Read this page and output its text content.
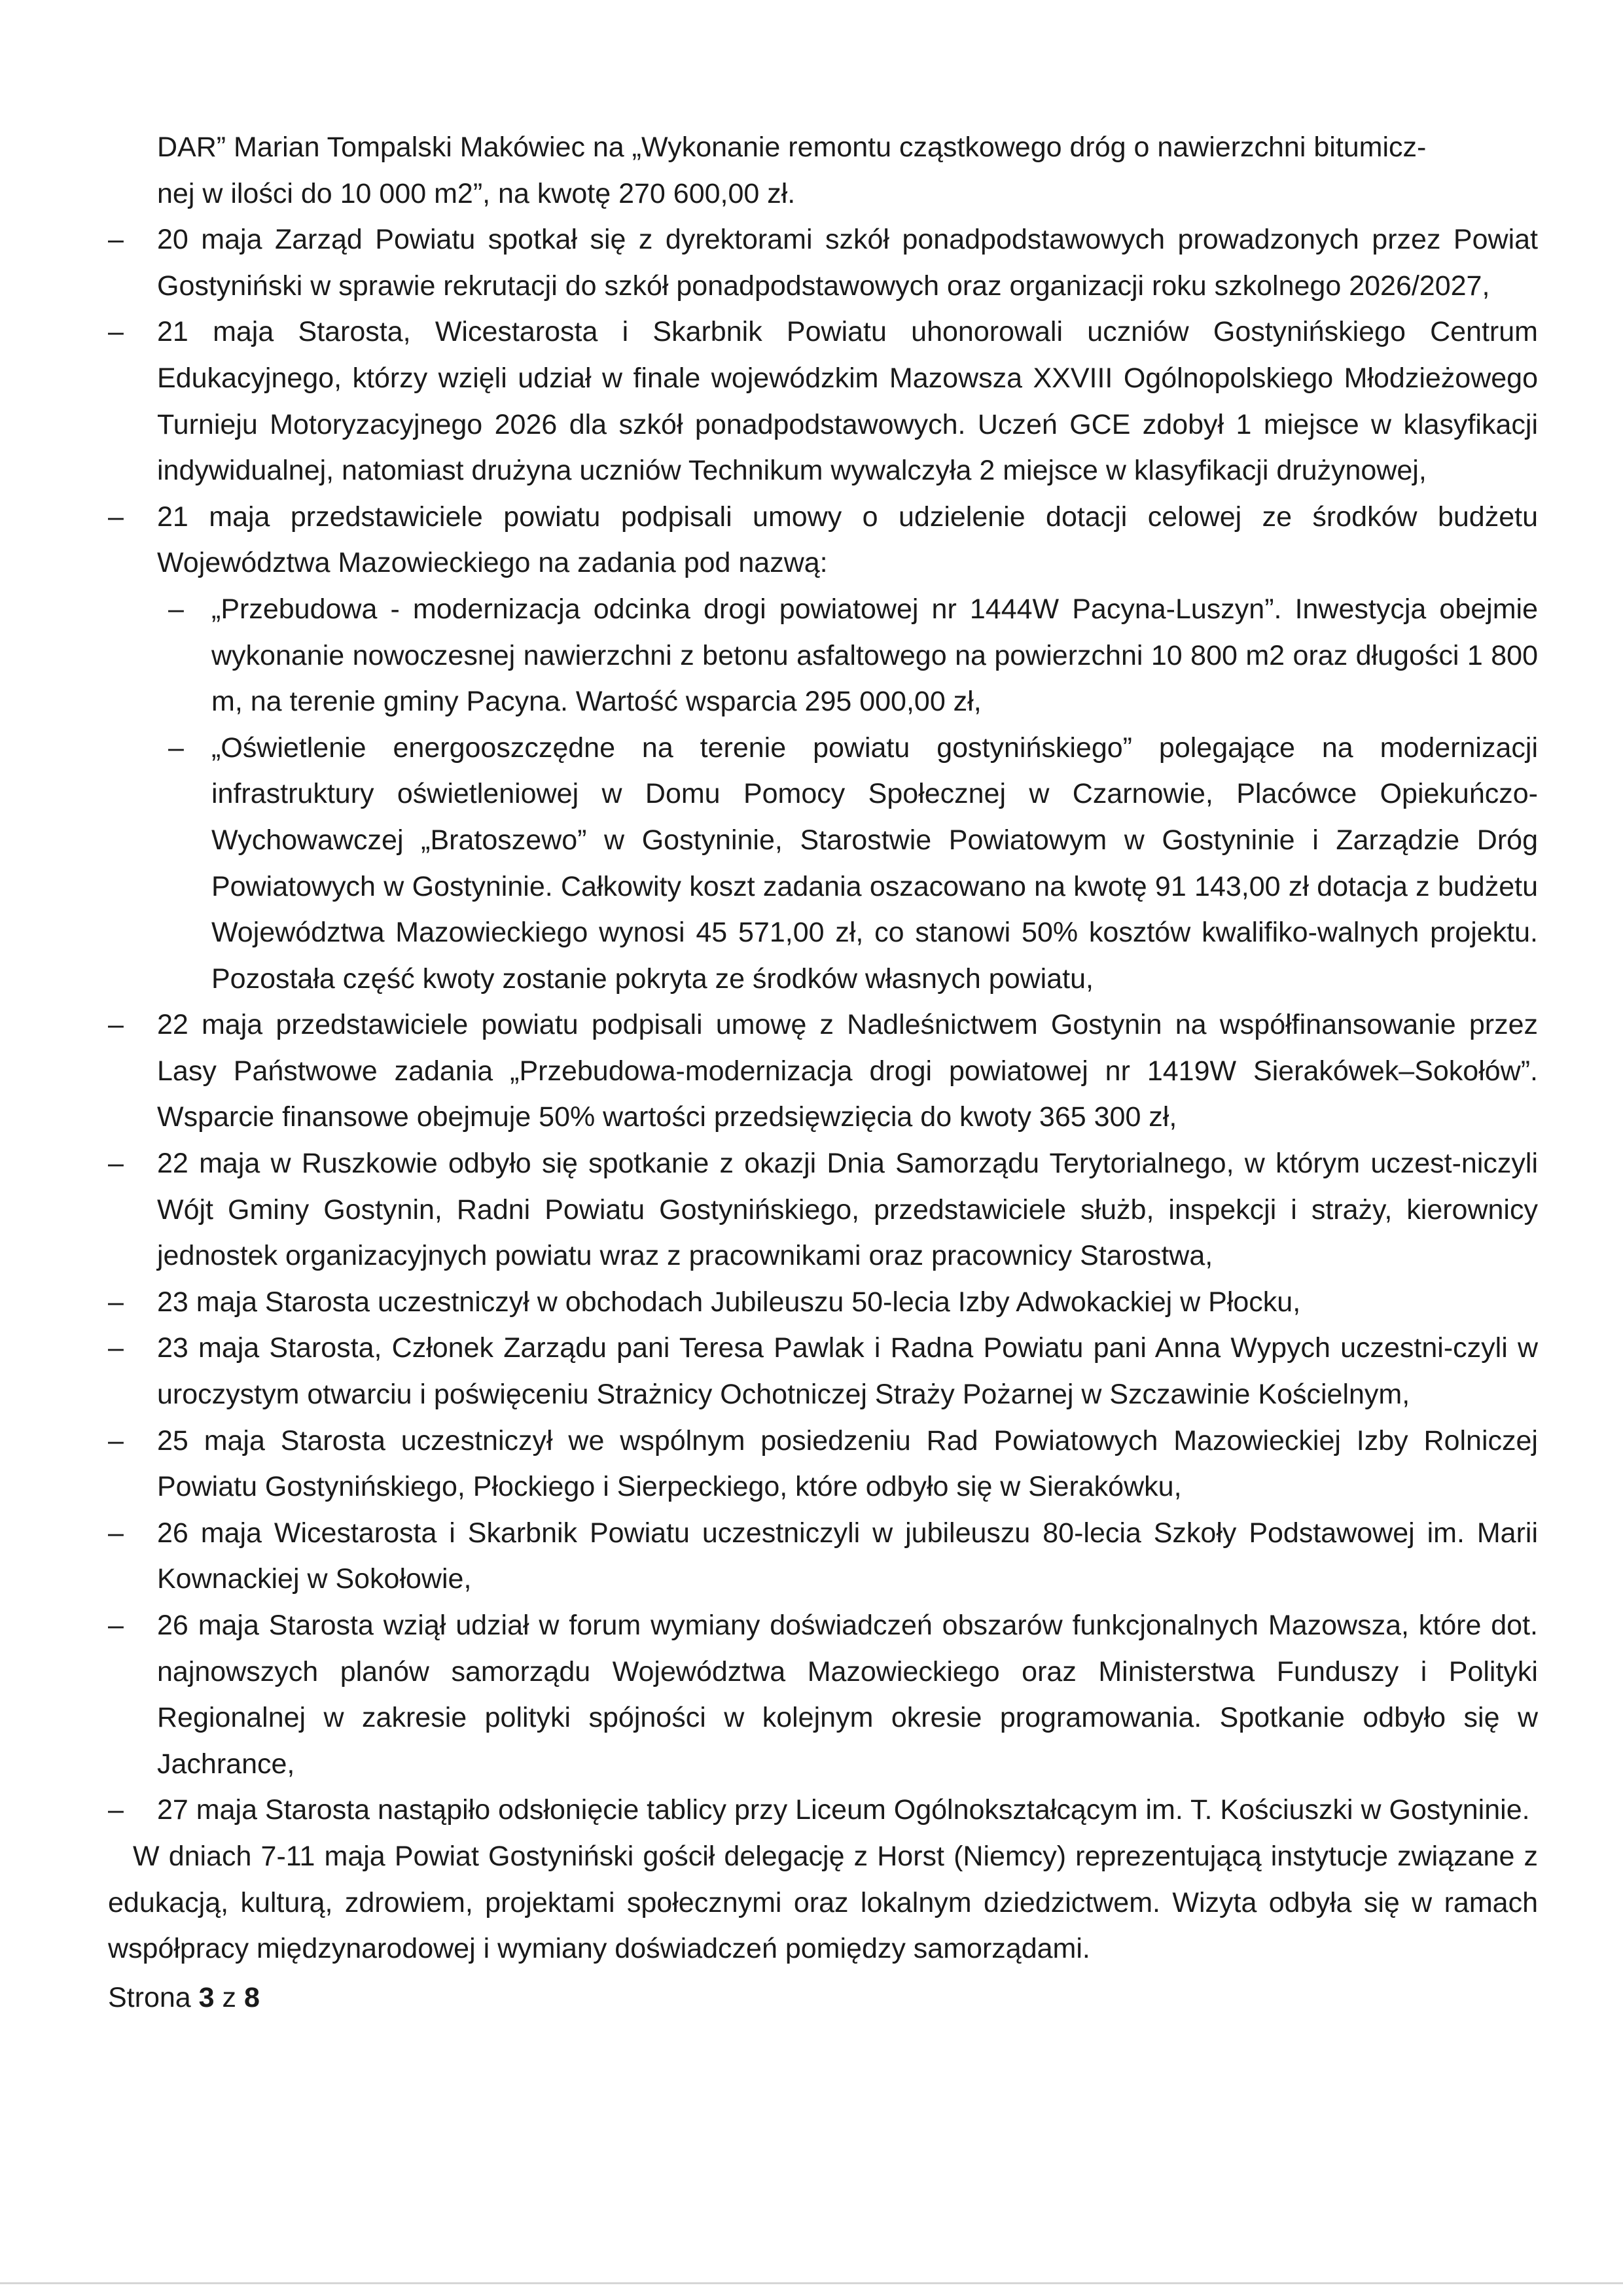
DAR” Marian Tompalski Makówiec na „Wykonanie remontu cząstkowego dróg o nawierzchni bitumicz-

nej w ilości do 10 000 m2”, na kwotę 270 600,00 zł.

– 20 maja Zarząd Powiatu spotkał się z dyrektorami szkół ponadpodstawowych prowadzonych przez Powiat Gostyniński w sprawie rekrutacji do szkół ponadpodstawowych oraz organizacji roku szkolnego 2026/2027,
– 21 maja Starosta, Wicestarosta i Skarbnik Powiatu uhonorowali uczniów Gostynińskiego Centrum Edukacyjnego, którzy wzięli udział w finale wojewódzkim Mazowsza XXVIII Ogólnopolskiego Młodzieżowego Turnieju Motoryzacyjnego 2026 dla szkół ponadpodstawowych. Uczeń GCE zdobył 1 miejsce w klasyfikacji indywidualnej, natomiast drużyna uczniów Technikum wywalczyła 2 miejsce w klasyfikacji drużynowej,
– 21 maja przedstawiciele powiatu podpisali umowy o udzielenie dotacji celowej ze środków budżetu Województwa Mazowieckiego na zadania pod nazwą:
– „Przebudowa - modernizacja odcinka drogi powiatowej nr 1444W Pacyna-Luszyn”. Inwestycja obejmie wykonanie nowoczesnej nawierzchni z betonu asfaltowego na powierzchni 10 800 m2 oraz długości 1 800 m, na terenie gminy Pacyna. Wartość wsparcia 295 000,00 zł,
– „Oświetlenie energooszczędne na terenie powiatu gostynińskiego” polegające na modernizacji infrastruktury oświetleniowej w Domu Pomocy Społecznej w Czarnowie, Placówce Opiekuńczo-Wychowawczej „Bratoszewo” w Gostyninie, Starostwie Powiatowym w Gostyninie i Zarządzie Dróg Powiatowych w Gostyninie. Całkowity koszt zadania oszacowano na kwotę 91 143,00 zł dotacja z budżetu Województwa Mazowieckiego wynosi 45 571,00 zł, co stanowi 50% kosztów kwalifiko-walnych projektu. Pozostała część kwoty zostanie pokryta ze środków własnych powiatu,
– 22 maja przedstawiciele powiatu podpisali umowę z Nadleśnictwem Gostynin na współfinansowanie przez Lasy Państwowe zadania „Przebudowa-modernizacja drogi powiatowej nr 1419W Sierakówek–Sokołów”. Wsparcie finansowe obejmuje 50% wartości przedsięwzięcia do kwoty 365 300 zł,
– 22 maja w Ruszkowie odbyło się spotkanie z okazji Dnia Samorządu Terytorialnego, w którym uczest-niczyli Wójt Gminy Gostynin, Radni Powiatu Gostynińskiego, przedstawiciele służb, inspekcji i straży, kierownicy jednostek organizacyjnych powiatu wraz z pracownikami oraz pracownicy Starostwa,
– 23 maja Starosta uczestniczył w obchodach Jubileuszu 50-lecia Izby Adwokackiej w Płocku,
– 23 maja Starosta, Członek Zarządu pani Teresa Pawlak i Radna Powiatu pani Anna Wypych uczestni-czyli w uroczystym otwarciu i poświęceniu Strażnicy Ochotniczej Straży Pożarnej w Szczawinie Kościelnym,
– 25 maja Starosta uczestniczył we wspólnym posiedzeniu Rad Powiatowych Mazowieckiej Izby Rolniczej Powiatu Gostynińskiego, Płockiego i Sierpeckiego, które odbyło się w Sierakówku,
– 26 maja Wicestarosta i Skarbnik Powiatu uczestniczyli w jubileuszu 80-lecia Szkoły Podstawowej im. Marii Kownackiej w Sokołowie,
– 26 maja Starosta wziął udział w forum wymiany doświadczeń obszarów funkcjonalnych Mazowsza, które dot. najnowszych planów samorządu Województwa Mazowieckiego oraz Ministerstwa Funduszy i Polityki Regionalnej w zakresie polityki spójności w kolejnym okresie programowania. Spotkanie odbyło się w Jachrance,
– 27 maja Starosta nastąpiło odsłonięcie tablicy przy Liceum Ogólnokształcącym im. T. Kościuszki w Gostyninie.

W dniach 7-11 maja Powiat Gostyniński gościł delegację z Horst (Niemcy) reprezentującą instytucje związane z edukacją, kulturą, zdrowiem, projektami społecznymi oraz lokalnym dziedzictwem. Wizyta odbyła się w ramach współpracy międzynarodowej i wymiany doświadczeń pomiędzy samorządami.

Strona 3 z 8
